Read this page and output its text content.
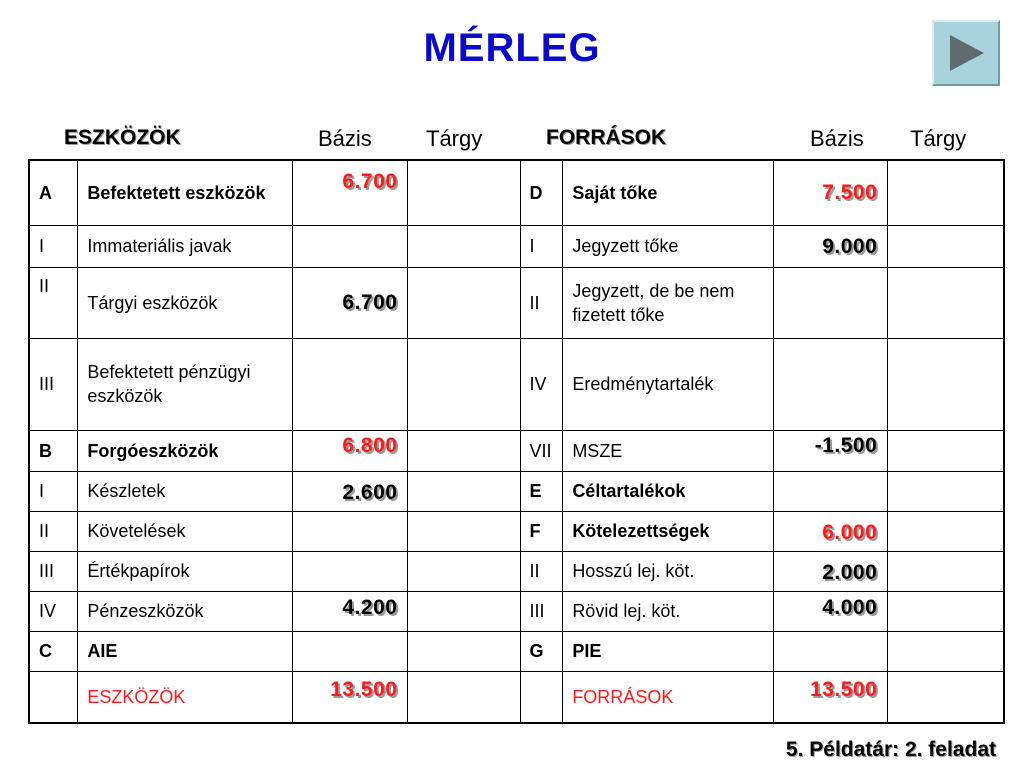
MÉRLEG
ESZKÖZÖK	Bázis Tárgy	FORRÁSOK	Bázis Tárgy
A	Befektetett eszközök	6.700		D	Saját tőke	7.500	
I	Immateriális javak			I	Jegyzett tőke	9.000	
II	Tárgyi eszközök	6.700		II	Jegyzett, de be nem fizetett tőke		
III	Befektetett pénzügyi eszközök			IV	Eredménytartalék		
B	Forgóeszközök	6.800		VII	MSZE	-1.500	
I	Készletek	2.600		E	Céltartalékok		
II	Követelések			F	Kötelezettségek	6.000	
III	Értékpapírok			II	Hosszú lej. köt.	2.000	
IV	Pénzeszközök	4.200		III	Rövid lej. köt.	4.000	
C	AIE			G	PIE		
	ESZKÖZÖK	13.500			FORRÁSOK	13.500	
5. Példatár: 2. feladat
